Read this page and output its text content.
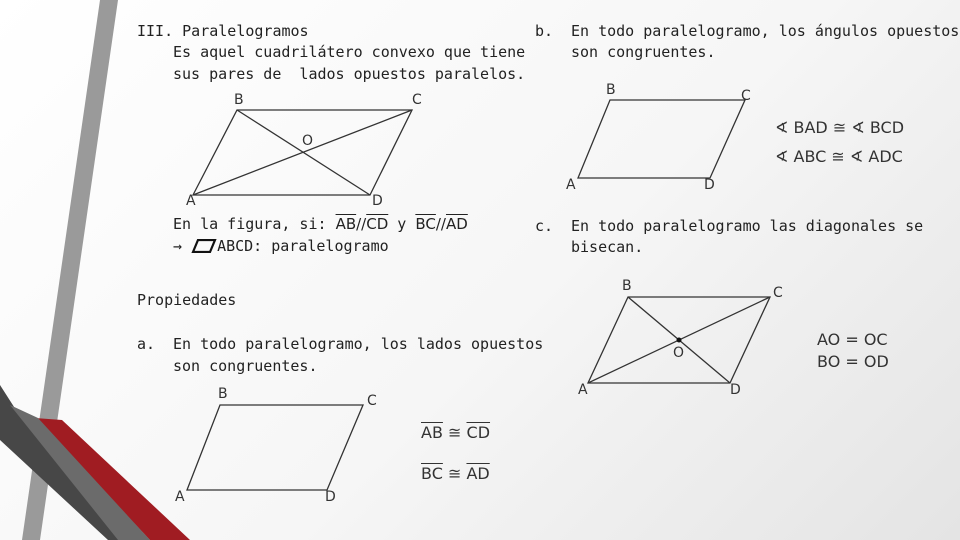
III. Paralelogramos
Es aquel cuadrilátero convexo que tiene
sus pares de  lados opuestos paralelos.
B	C
O
A	D
En la figura, si: $\overline{AB}//\overline{CD}$ y $\overline{BC}//\overline{AD}$
→ ABCD: paralelogramo
Propiedades
a. En todo paralelogramo, los lados opuestos
son congruentes.
B	C
A	D
$\overline{AB}$ ≅ $\overline{CD}$
$\overline{BC}$ ≅ $\overline{AD}$
b. En todo paralelogramo, los ángulos opuestos
son congruentes.
B	C
A	D
∢ BAD ≅ ∢ BCD
∢ ABC ≅ ∢ ADC
c. En todo paralelogramo las diagonales se
bisecan.
B	C
O
A	D
AO = OC
BO = OD
